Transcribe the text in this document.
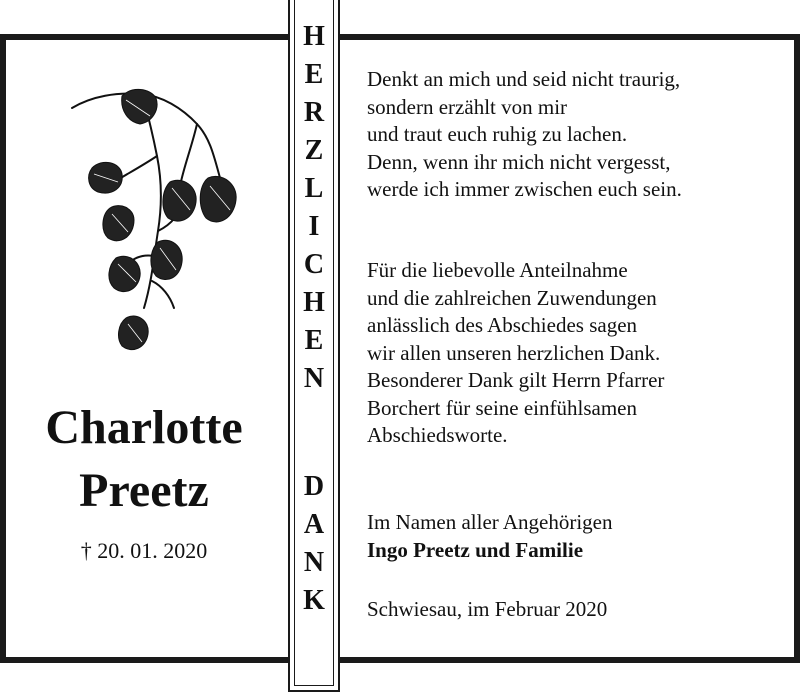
H
E
R
Z
L
I
C
H
E
N
D
A
N
K
Charlotte
Preetz
† 20. 01. 2020
Denkt an mich und seid nicht traurig,
sondern erzählt von mir
und traut euch ruhig zu lachen.
Denn, wenn ihr mich nicht vergesst,
werde ich immer zwischen euch sein.
Für die liebevolle Anteilnahme
und die zahlreichen Zuwendungen
anlässlich des Abschiedes sagen
wir allen unseren herzlichen Dank.
Besonderer Dank gilt Herrn Pfarrer
Borchert für seine einfühlsamen
Abschiedsworte.
Im Namen aller Angehörigen
Ingo Preetz und Familie
Schwiesau, im Februar 2020
